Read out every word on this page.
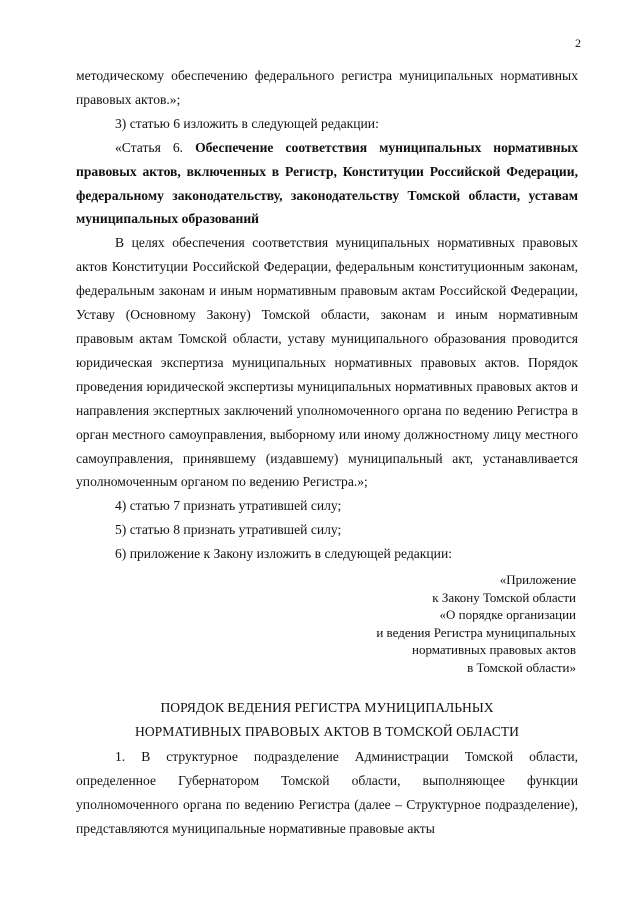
2

методическому обеспечению федерального регистра муниципальных нормативных правовых актов.»;

3) статью 6 изложить в следующей редакции:

«Статья 6. Обеспечение соответствия муниципальных нормативных правовых актов, включенных в Регистр, Конституции Российской Федерации, федеральному законодательству, законодательству Томской области, уставам муниципальных образований

В целях обеспечения соответствия муниципальных нормативных правовых актов Конституции Российской Федерации, федеральным конституционным законам, федеральным законам и иным нормативным правовым актам Российской Федерации, Уставу (Основному Закону) Томской области, законам и иным нормативным правовым актам Томской области, уставу муниципального образования проводится юридическая экспертиза муниципальных нормативных правовых актов. Порядок проведения юридической экспертизы муниципальных нормативных правовых актов и направления экспертных заключений уполномоченного органа по ведению Регистра в орган местного самоуправления, выборному или иному должностному лицу местного самоуправления, принявшему (издавшему) муниципальный акт, устанавливается уполномоченным органом по ведению Регистра.»;

4) статью 7 признать утратившей силу;

5) статью 8 признать утратившей силу;

6) приложение к Закону изложить в следующей редакции:

«Приложение
к Закону Томской области
«О порядке организации
и ведения Регистра муниципальных
нормативных правовых актов
в Томской области»
ПОРЯДОК ВЕДЕНИЯ РЕГИСТРА МУНИЦИПАЛЬНЫХ
НОРМАТИВНЫХ ПРАВОВЫХ АКТОВ В ТОМСКОЙ ОБЛАСТИ

1. В структурное подразделение Администрации Томской области, определенное Губернатором Томской области, выполняющее функции уполномоченного органа по ведению Регистра (далее – Структурное подразделение), представляются муниципальные нормативные правовые акты
